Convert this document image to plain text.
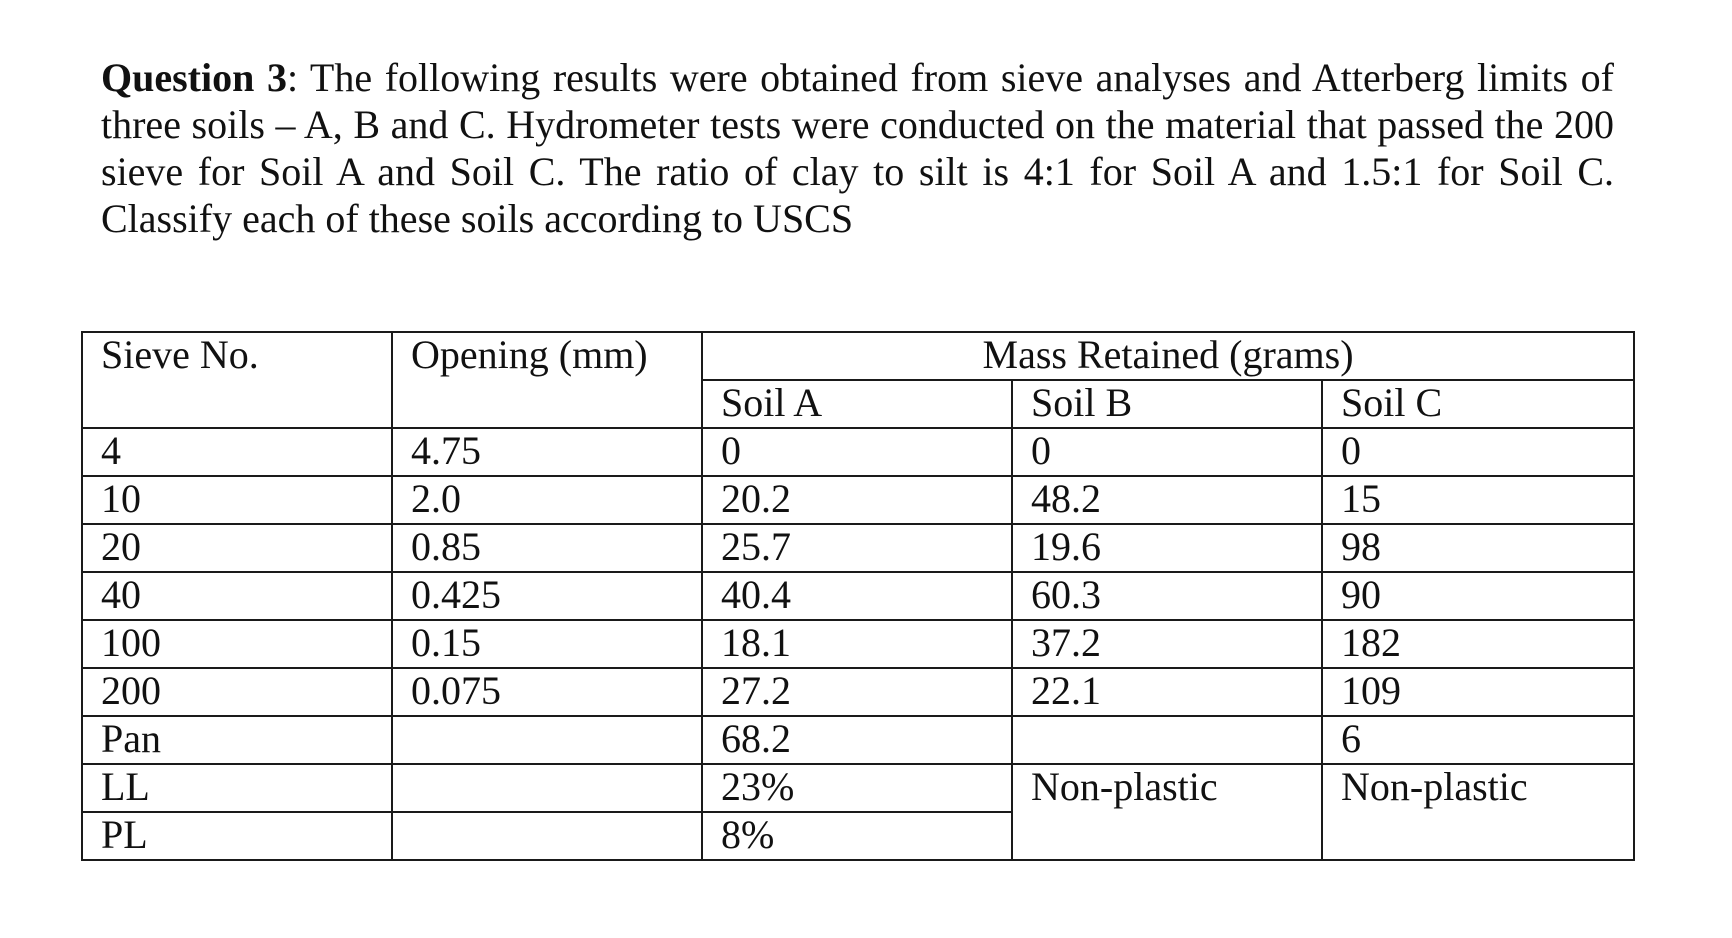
Question 3: The following results were obtained from sieve analyses and Atterberg limits of three soils – A, B and C. Hydrometer tests were conducted on the material that passed the 200 sieve for Soil A and Soil C. The ratio of clay to silt is 4:1 for Soil A and 1.5:1 for Soil C. Classify each of these soils according to USCS
Sieve No.	Opening (mm)	Mass Retained (grams)		
		Soil A	Soil B	Soil C
4	4.75	0	0	0
10	2.0	20.2	48.2	15
20	0.85	25.7	19.6	98
40	0.425	40.4	60.3	90
100	0.15	18.1	37.2	182
200	0.075	27.2	22.1	109
Pan		68.2		6
LL		23%	Non-plastic	Non-plastic
PL		8%		
